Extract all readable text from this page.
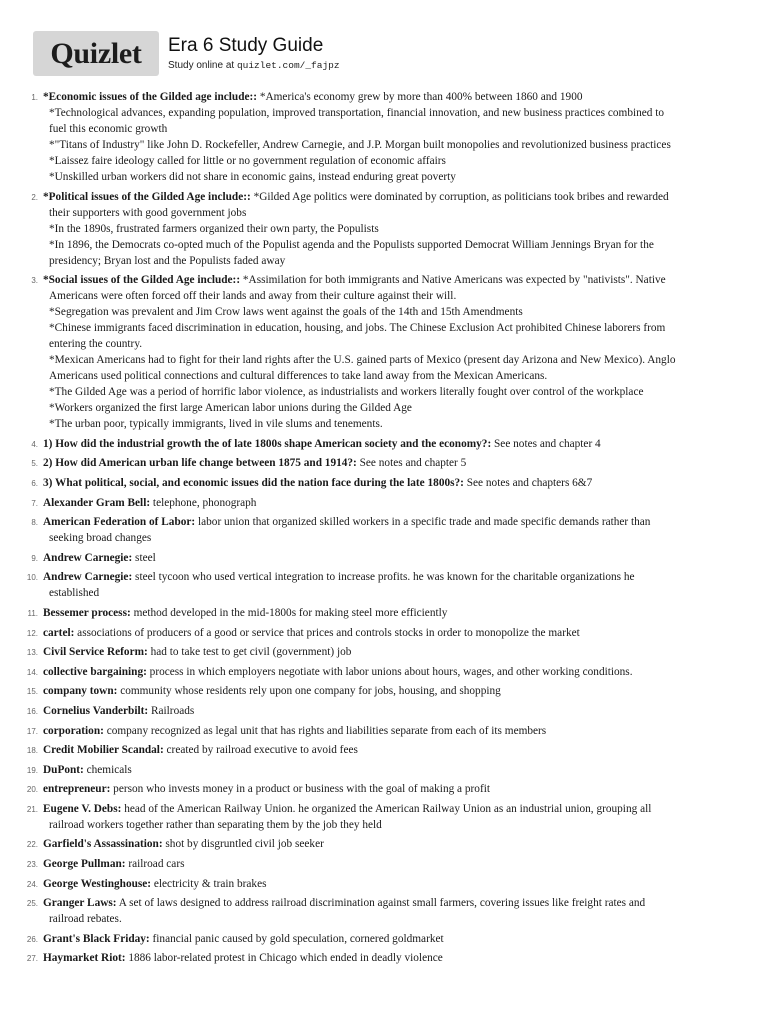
Quizlet	Era 6 Study Guide
Study online at quizlet.com/_fajpz
1. *Economic issues of the Gilded age include:: *America's economy grew by more than 400% between 1860 and 1900
*Technological advances, expanding population, improved transportation, financial innovation, and new business practices combined to
fuel this economic growth
*"Titans of Industry" like John D. Rockefeller, Andrew Carnegie, and J.P. Morgan built monopolies and revolutionized business practices
*Laissez faire ideology called for little or no government regulation of economic affairs
*Unskilled urban workers did not share in economic gains, instead enduring great poverty
2. *Political issues of the Gilded Age include:: *Gilded Age politics were dominated by corruption, as politicians took bribes and rewarded
their supporters with good government jobs
*In the 1890s, frustrated farmers organized their own party, the Populists
*In 1896, the Democrats co-opted much of the Populist agenda and the Populists supported Democrat William Jennings Bryan for the
presidency; Bryan lost and the Populists faded away
3. *Social issues of the Gilded Age include:: *Assimilation for both immigrants and Native Americans was expected by "nativists". Native
Americans were often forced off their lands and away from their culture against their will.
*Segregation was prevalent and Jim Crow laws went against the goals of the 14th and 15th Amendments
*Chinese immigrants faced discrimination in education, housing, and jobs. The Chinese Exclusion Act prohibited Chinese laborers from
entering the country.
*Mexican Americans had to fight for their land rights after the U.S. gained parts of Mexico (present day Arizona and New Mexico). Anglo
Americans used political connections and cultural differences to take land away from the Mexican Americans.
*The Gilded Age was a period of horrific labor violence, as industrialists and workers literally fought over control of the workplace
*Workers organized the first large American labor unions during the Gilded Age
*The urban poor, typically immigrants, lived in vile slums and tenements.
4. 1) How did the industrial growth the of late 1800s shape American society and the economy?: See notes and chapter 4
5. 2) How did American urban life change between 1875 and 1914?: See notes and chapter 5
6. 3) What political, social, and economic issues did the nation face during the late 1800s?: See notes and chapters 6&7
7. Alexander Gram Bell: telephone, phonograph
8. American Federation of Labor: labor union that organized skilled workers in a specific trade and made specific demands rather than
seeking broad changes
9. Andrew Carnegie: steel
10. Andrew Carnegie: steel tycoon who used vertical integration to increase profits. he was known for the charitable organizations he
established
11. Bessemer process: method developed in the mid-1800s for making steel more efficiently
12. cartel: associations of producers of a good or service that prices and controls stocks in order to monopolize the market
13. Civil Service Reform: had to take test to get civil (government) job
14. collective bargaining: process in which employers negotiate with labor unions about hours, wages, and other working conditions.
15. company town: community whose residents rely upon one company for jobs, housing, and shopping
16. Cornelius Vanderbilt: Railroads
17. corporation: company recognized as legal unit that has rights and liabilities separate from each of its members
18. Credit Mobilier Scandal: created by railroad executive to avoid fees
19. DuPont: chemicals
20. entrepreneur: person who invests money in a product or business with the goal of making a profit
21. Eugene V. Debs: head of the American Railway Union. he organized the American Railway Union as an industrial union, grouping all
railroad workers together rather than separating them by the job they held
22. Garfield's Assassination: shot by disgruntled civil job seeker
23. George Pullman: railroad cars
24. George Westinghouse: electricity & train brakes
25. Granger Laws: A set of laws designed to address railroad discrimination against small farmers, covering issues like freight rates and
railroad rebates.
26. Grant's Black Friday: financial panic caused by gold speculation, cornered goldmarket
27. Haymarket Riot: 1886 labor-related protest in Chicago which ended in deadly violence
